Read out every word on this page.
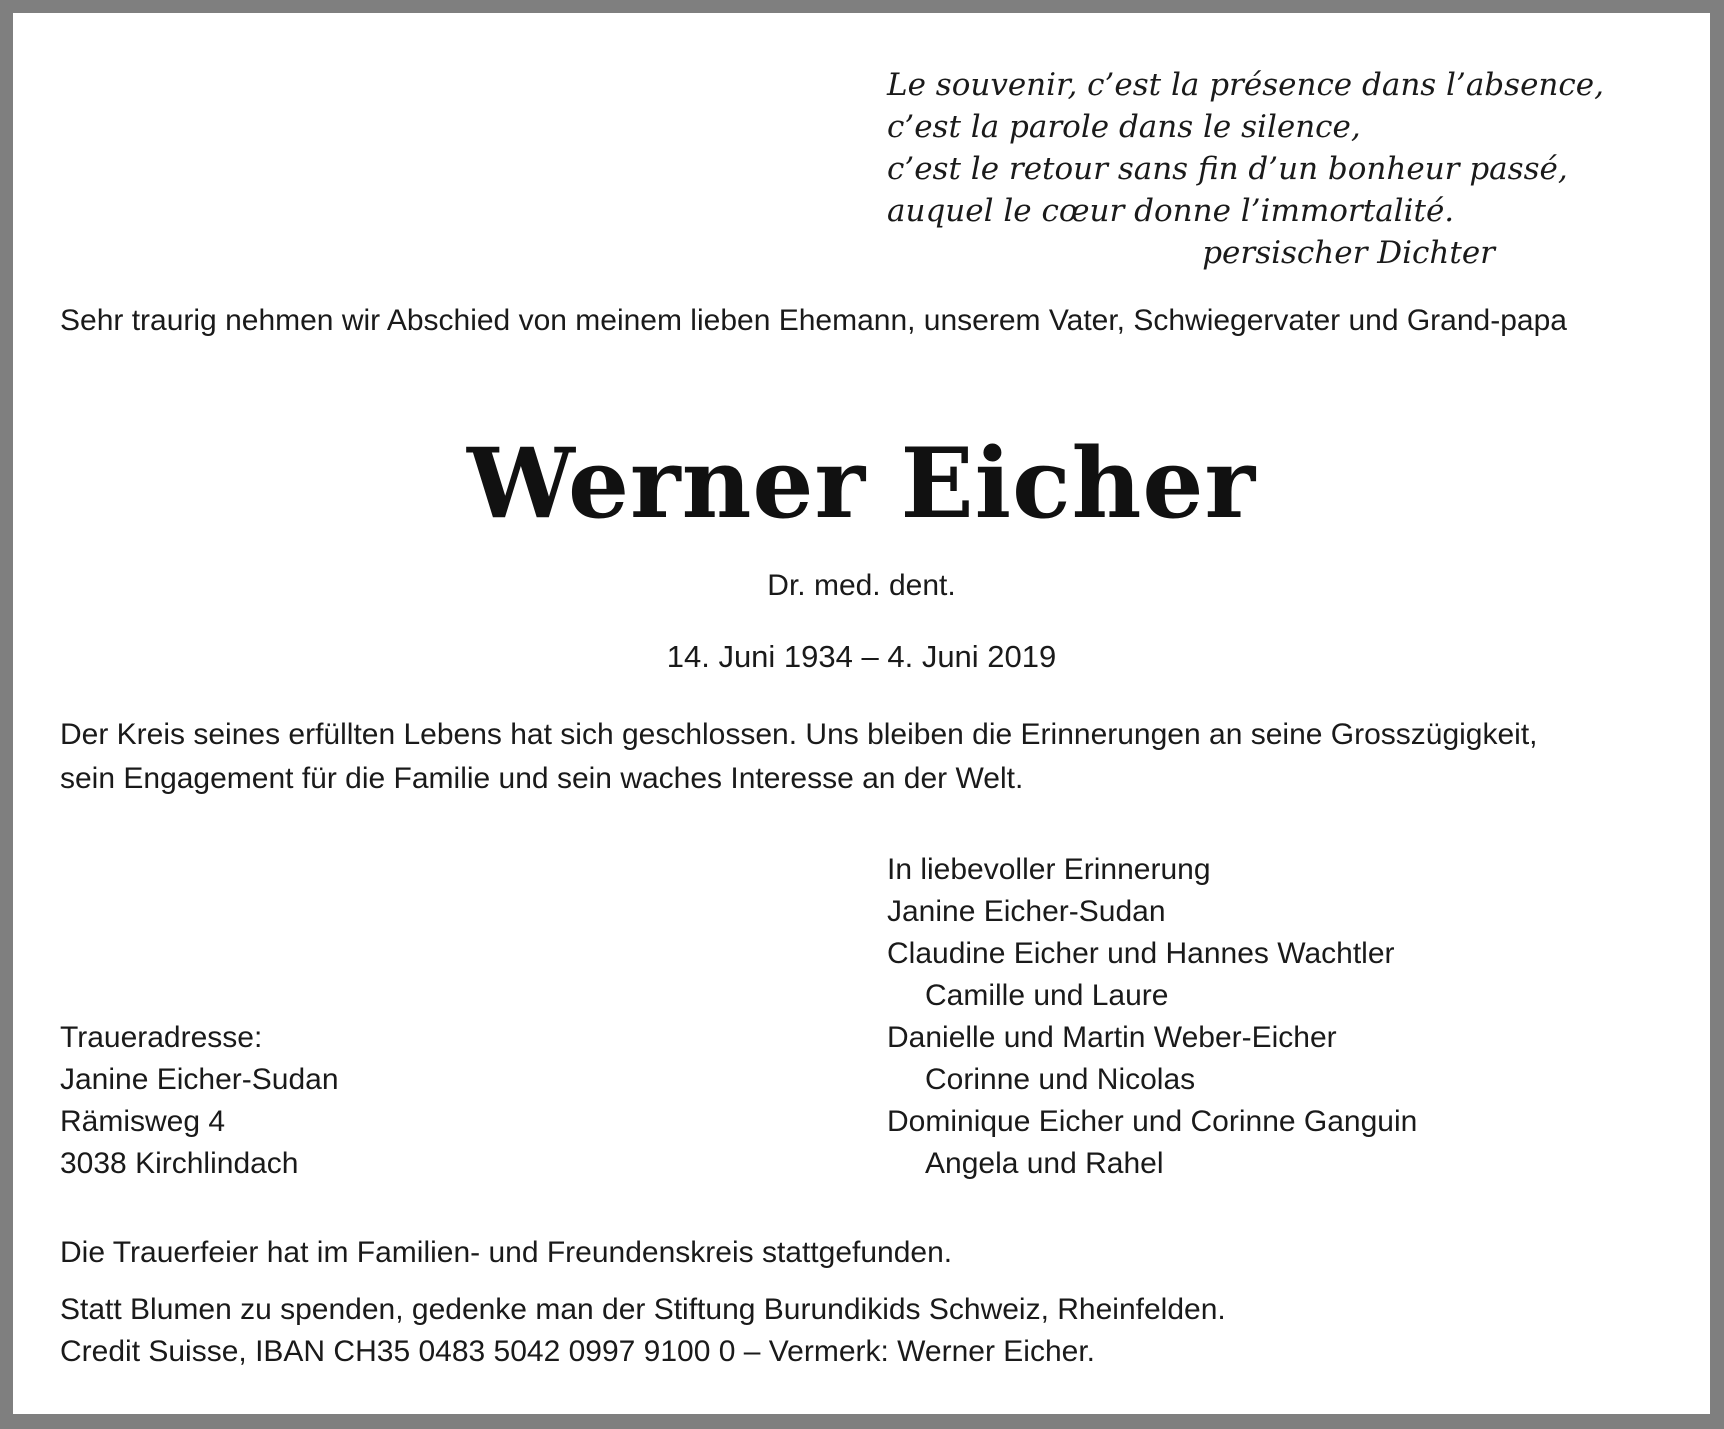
Le souvenir, c’est la présence dans l’absence,
c’est la parole dans le silence,
c’est le retour sans fin d’un bonheur passé,
auquel le cœur donne l’immortalité.
persischer Dichter

Sehr traurig nehmen wir Abschied von meinem lieben Ehemann, unserem Vater, Schwiegervater und Grand-papa

Werner Eicher
Dr. med. dent.
14. Juni 1934 – 4. Juni 2019
Der Kreis seines erfüllten Lebens hat sich geschlossen. Uns bleiben die Erinnerungen an seine Grosszügigkeit,
sein Engagement für die Familie und sein waches Interesse an der Welt.
In liebevoller Erinnerung
Janine Eicher-Sudan
Claudine Eicher und Hannes Wachtler
Camille und Laure
Danielle und Martin Weber-Eicher
Corinne und Nicolas
Dominique Eicher und Corinne Ganguin
Angela und Rahel
Traueradresse:
Janine Eicher-Sudan
Rämisweg 4
3038 Kirchlindach

Die Trauerfeier hat im Familien- und Freundenskreis stattgefunden.

Statt Blumen zu spenden, gedenke man der Stiftung Burundikids Schweiz, Rheinfelden.
Credit Suisse, IBAN CH35 0483 5042 0997 9100 0 – Vermerk: Werner Eicher.
